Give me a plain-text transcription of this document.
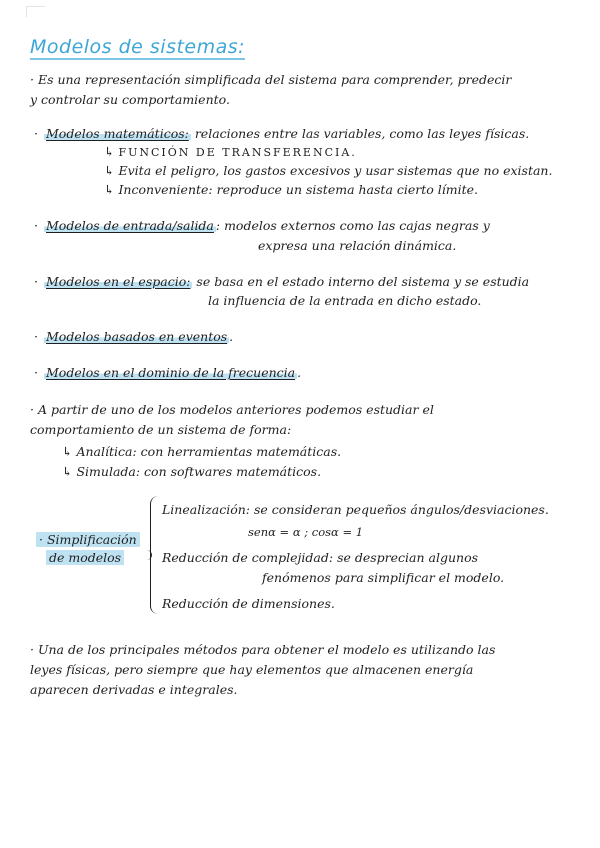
Modelos de sistemas:
· Es una representación simplificada del sistema para comprender, predecir
y controlar su comportamiento.
· Modelos matemáticos: relaciones entre las variables, como las leyes físicas.
↳ FUNCIÓN DE TRANSFERENCIA.
↳ Evita el peligro, los gastos excesivos y usar sistemas que no existan.
↳ Inconveniente: reproduce un sistema hasta cierto límite.
· Modelos de entrada/salida : modelos externos como las cajas negras y
expresa una relación dinámica.
· Modelos en el espacio: se basa en el estado interno del sistema y se estudia
la influencia de la entrada en dicho estado.
· Modelos basados en eventos .
· Modelos en el dominio de la frecuencia .
· A partir de uno de los modelos anteriores podemos estudiar el
comportamiento de un sistema de forma:
↳ Analítica: con herramientas matemáticas.
↳ Simulada: con softwares matemáticos.
· Simplificación
de modelos
Linealización: se consideran pequeños ángulos/desviaciones.
senα = α ; cosα = 1
Reducción de complejidad: se desprecian algunos
fenómenos para simplificar el modelo.
Reducción de dimensiones.
· Una de los principales métodos para obtener el modelo es utilizando las
leyes físicas, pero siempre que hay elementos que almacenen energía
aparecen derivadas e integrales.
